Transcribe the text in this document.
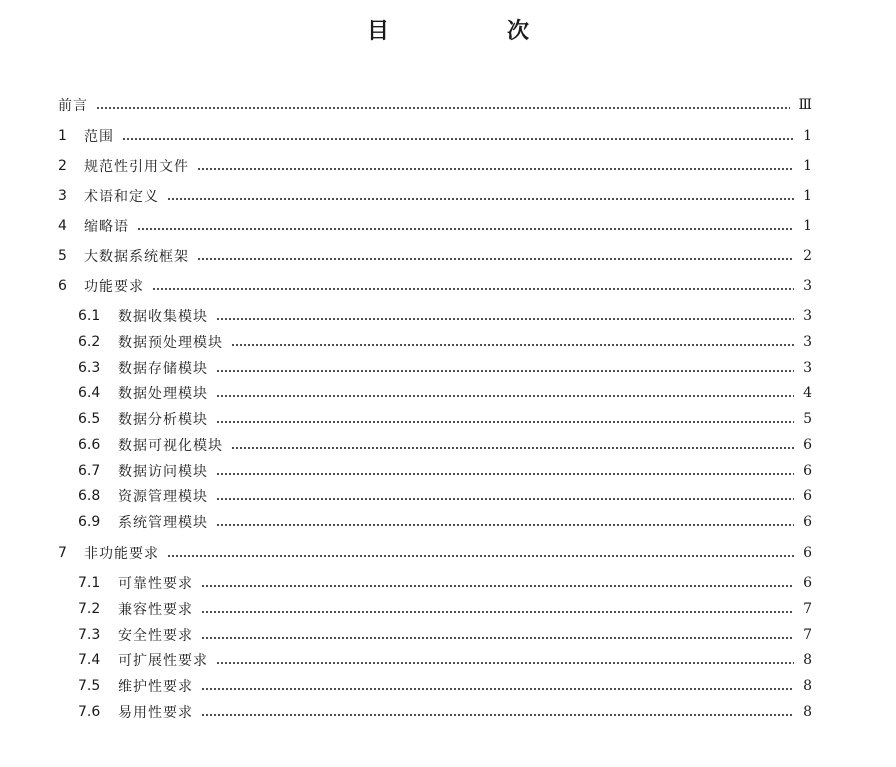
目　次
前言	Ⅲ
1	范围	1
2	规范性引用文件	1
3	术语和定义	1
4	缩略语	1
5	大数据系统框架	2
6	功能要求	3
6.1	数据收集模块	3
6.2	数据预处理模块	3
6.3	数据存储模块	3
6.4	数据处理模块	4
6.5	数据分析模块	5
6.6	数据可视化模块	6
6.7	数据访问模块	6
6.8	资源管理模块	6
6.9	系统管理模块	6
7	非功能要求	6
7.1	可靠性要求	6
7.2	兼容性要求	7
7.3	安全性要求	7
7.4	可扩展性要求	8
7.5	维护性要求	8
7.6	易用性要求	8
